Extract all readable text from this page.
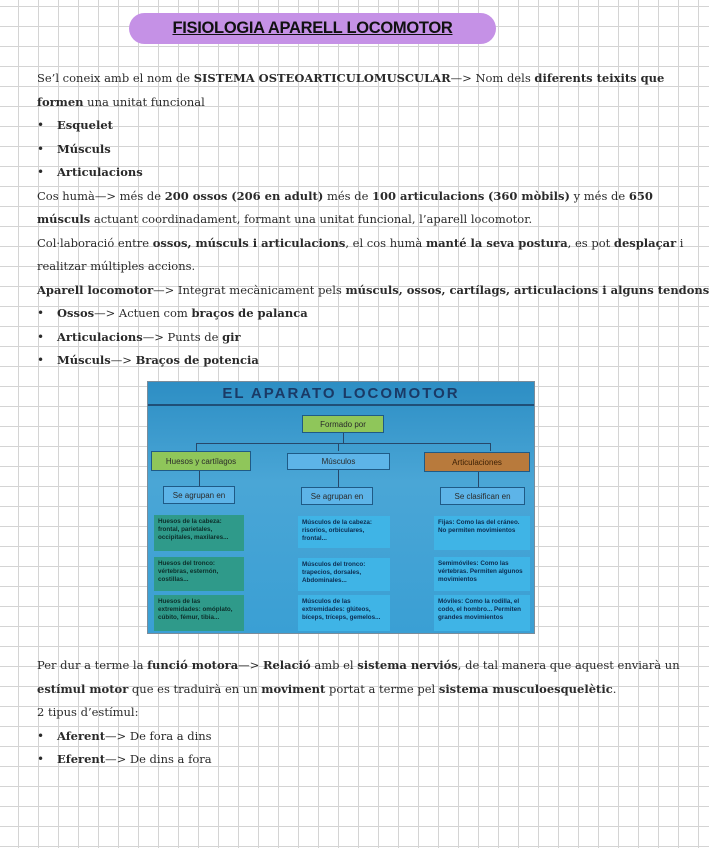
FISIOLOGIA APARELL LOCOMOTOR
Se’l coneix amb el nom de SISTEMA OSTEOARTICULOMUSCULAR—> Nom dels diferents teixits que
formen una unitat funcional
• Esquelet
• Músculs
• Articulacions
Cos humà—> més de 200 ossos (206 en adult) més de 100 articulacions (360 mòbils) y més de 650
músculs actuant coordinadament, formant una unitat funcional, l’aparell locomotor.
Col·laboració entre ossos, músculs i articulacions, el cos humà manté la seva postura, es pot desplaçar i
realitzar múltiples accions.
Aparell locomotor—> Integrat mecànicament pels músculs, ossos, cartílags, articulacions i alguns tendons
• Ossos—> Actuen com braços de palanca
• Articulacions—> Punts de gir
• Músculs—> Braços de potencia
EL APARATO LOCOMOTOR
Formado por
Huesos y cartílagos	Músculos	Articulaciones
Se agrupan en	Se agrupan en	Se clasifican en
Huesos de la cabeza: frontal, parietales, occipitales, maxilares...
Huesos del tronco: vértebras, esternón, costillas...
Huesos de las extremidades: omóplato, cúbito, fémur, tibia...
Músculos de la cabeza: risorios, orbiculares, frontal...
Músculos del tronco: trapecios, dorsales, Abdominales...
Músculos de las extremidades: glúteos, bíceps, tríceps, gemelos...
Fijas: Como las del cráneo. No permiten movimientos
Semimóviles: Como las vértebras. Permiten algunos movimientos
Móviles: Como la rodilla, el codo, el hombro... Permiten grandes movimientos
Per dur a terme la funció motora—> Relació amb el sistema nerviós, de tal manera que aquest enviarà un
estímul motor que es traduirà en un moviment portat a terme pel sistema musculoesquelètic.
2 tipus d’estímul:
• Aferent—> De fora a dins
• Eferent—> De dins a fora
